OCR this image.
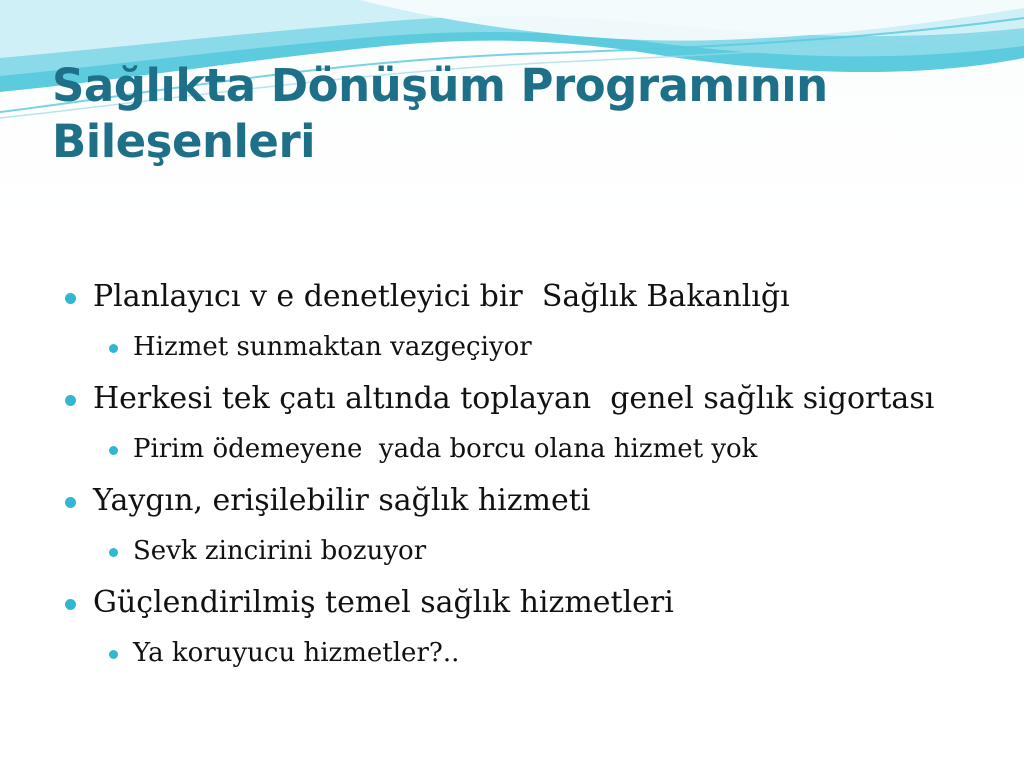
Sağlıkta Dönüşüm Programının Bileşenleri
Planlayıcı v e denetleyici bir  Sağlık Bakanlığı
Hizmet sunmaktan vazgeçiyor
Herkesi tek çatı altında toplayan  genel sağlık sigortası
Pirim ödemeyene  yada borcu olana hizmet yok
Yaygın, erişilebilir sağlık hizmeti
Sevk zincirini bozuyor
Güçlendirilmiş temel sağlık hizmetleri
Ya koruyucu hizmetler?..
